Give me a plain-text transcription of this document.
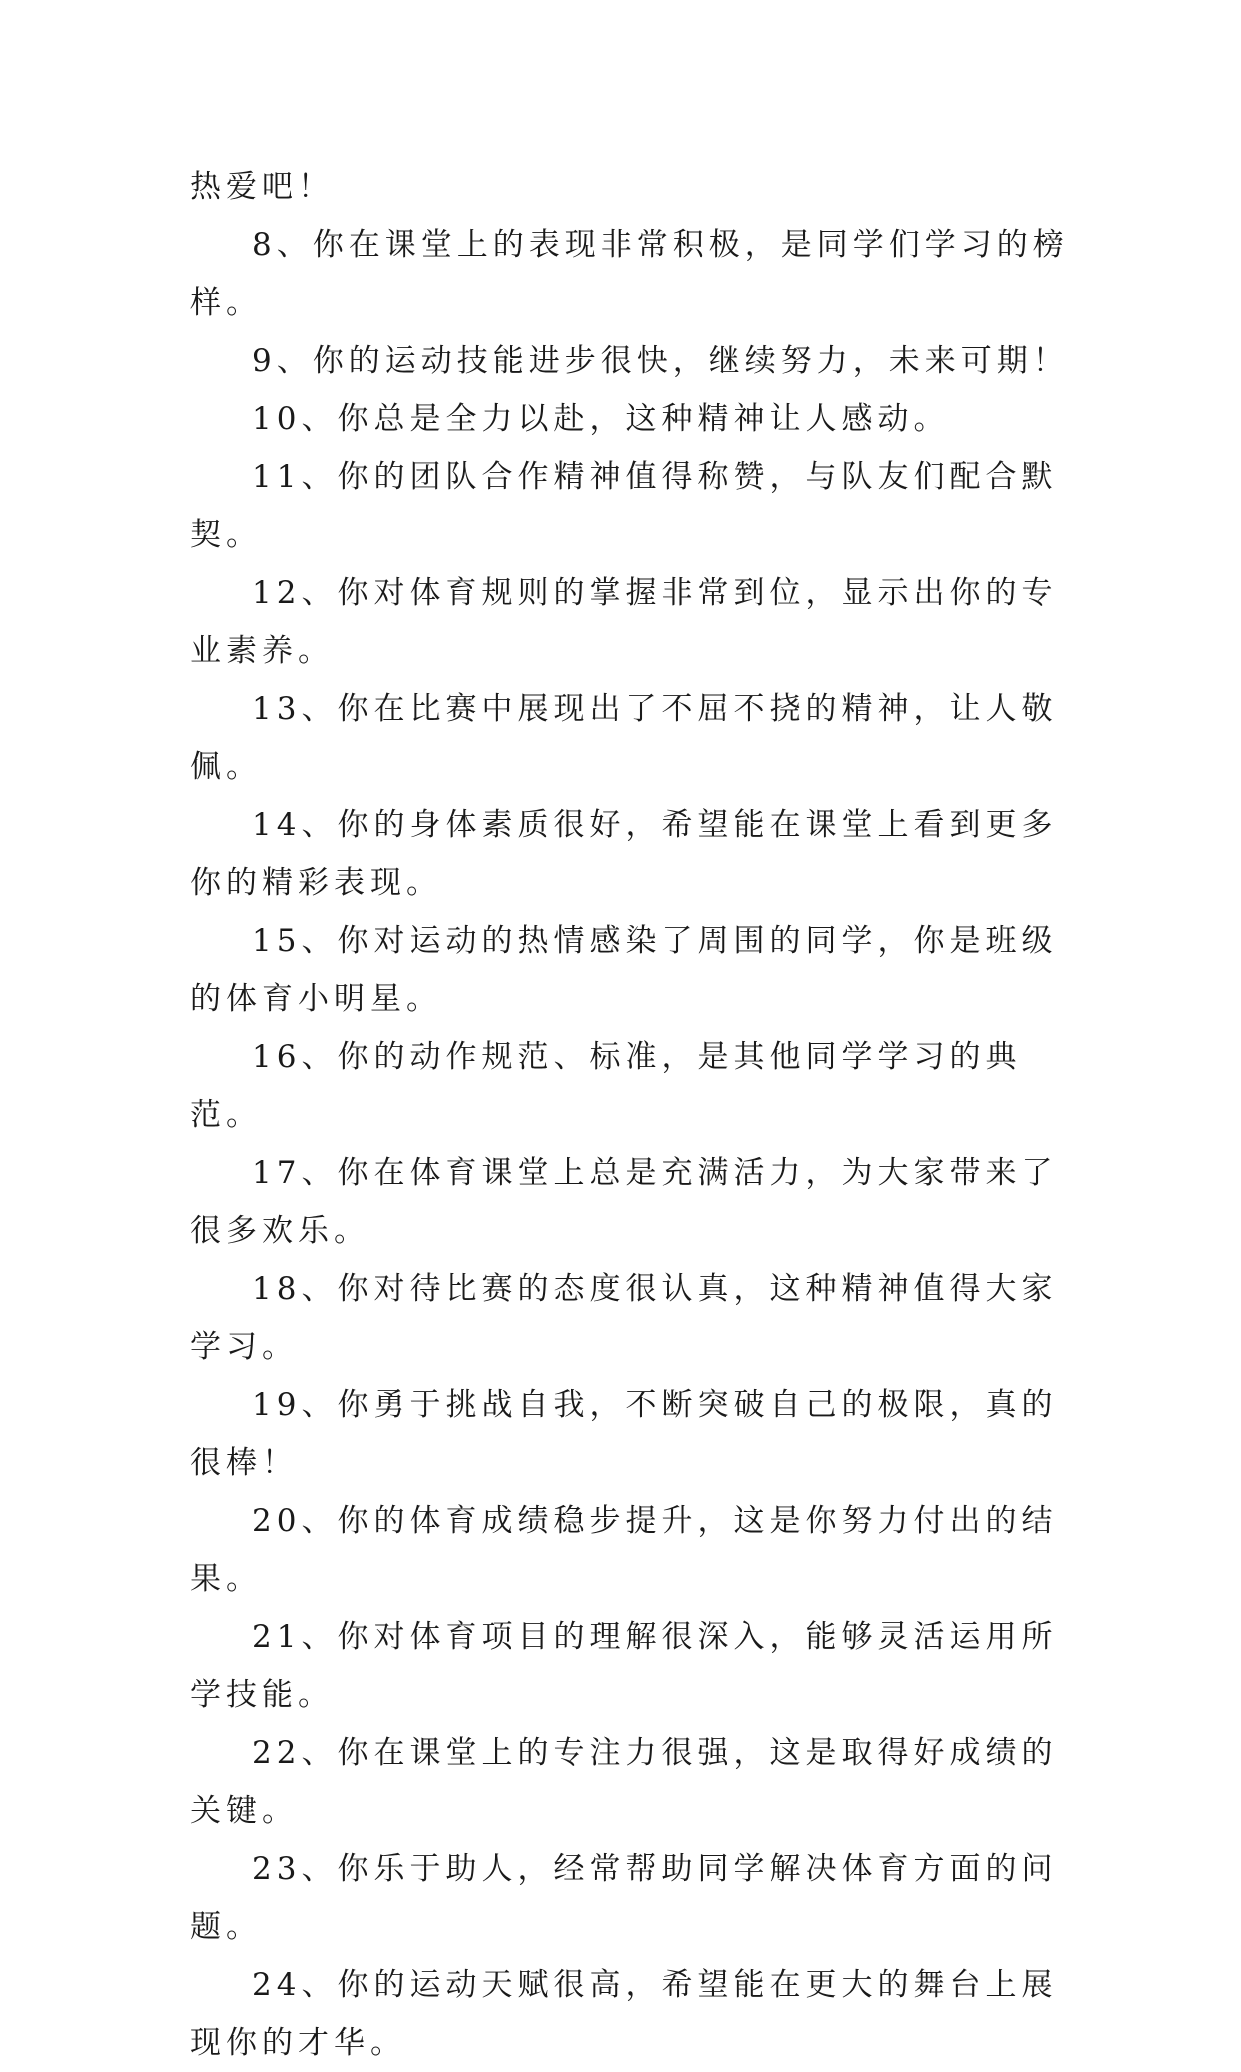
热爱吧！

8、你在课堂上的表现非常积极，是同学们学习的榜样。

9、你的运动技能进步很快，继续努力，未来可期！

10、你总是全力以赴，这种精神让人感动。

11、你的团队合作精神值得称赞，与队友们配合默契。

12、你对体育规则的掌握非常到位，显示出你的专业素养。

13、你在比赛中展现出了不屈不挠的精神，让人敬佩。

14、你的身体素质很好，希望能在课堂上看到更多你的精彩表现。

15、你对运动的热情感染了周围的同学，你是班级的体育小明星。

16、你的动作规范、标准，是其他同学学习的典范。

17、你在体育课堂上总是充满活力，为大家带来了很多欢乐。

18、你对待比赛的态度很认真，这种精神值得大家学习。

19、你勇于挑战自我，不断突破自己的极限，真的很棒！

20、你的体育成绩稳步提升，这是你努力付出的结果。

21、你对体育项目的理解很深入，能够灵活运用所学技能。

22、你在课堂上的专注力很强，这是取得好成绩的关键。

23、你乐于助人，经常帮助同学解决体育方面的问题。

24、你的运动天赋很高，希望能在更大的舞台上展现你的才华。
